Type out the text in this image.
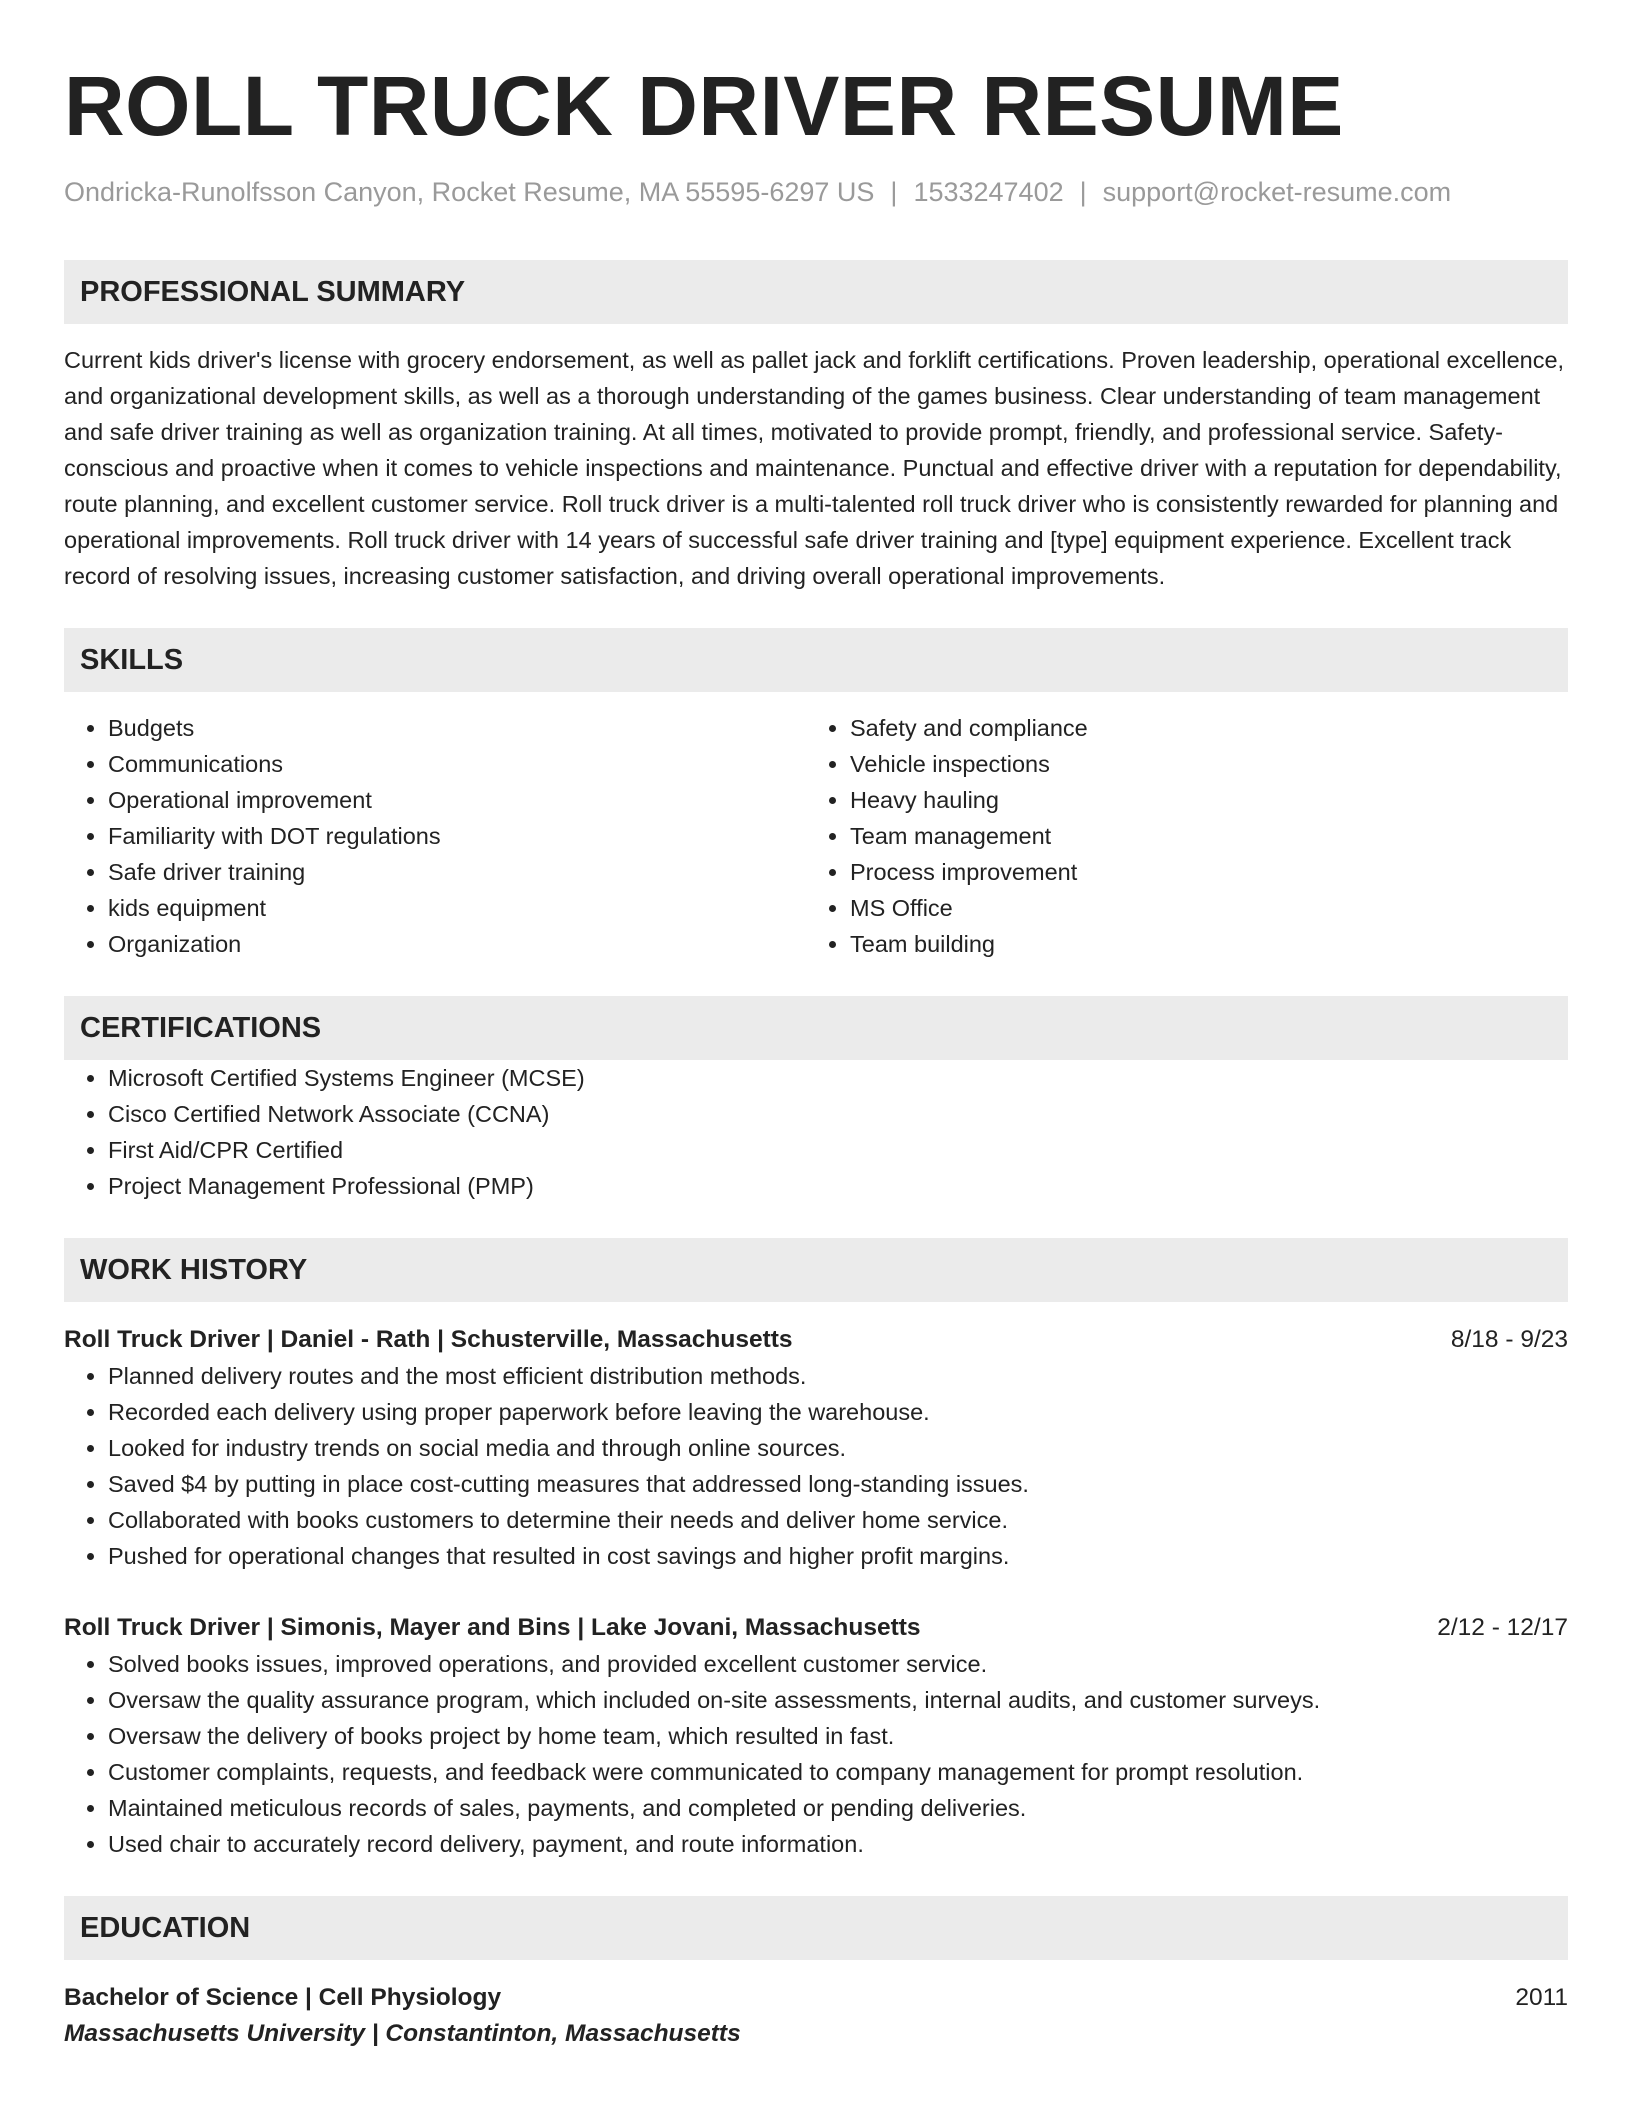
ROLL TRUCK DRIVER RESUME
Ondricka-Runolfsson Canyon, Rocket Resume, MA 55595-6297 US | 1533247402 | support@rocket-resume.com
PROFESSIONAL SUMMARY
Current kids driver's license with grocery endorsement, as well as pallet jack and forklift certifications. Proven leadership, operational excellence, and organizational development skills, as well as a thorough understanding of the games business. Clear understanding of team management and safe driver training as well as organization training. At all times, motivated to provide prompt, friendly, and professional service. Safety-conscious and proactive when it comes to vehicle inspections and maintenance. Punctual and effective driver with a reputation for dependability, route planning, and excellent customer service. Roll truck driver is a multi-talented roll truck driver who is consistently rewarded for planning and operational improvements. Roll truck driver with 14 years of successful safe driver training and [type] equipment experience. Excellent track record of resolving issues, increasing customer satisfaction, and driving overall operational improvements.
SKILLS
• Budgets
• Communications
• Operational improvement
• Familiarity with DOT regulations
• Safe driver training
• kids equipment
• Organization
• Safety and compliance
• Vehicle inspections
• Heavy hauling
• Team management
• Process improvement
• MS Office
• Team building
CERTIFICATIONS
• Microsoft Certified Systems Engineer (MCSE)
• Cisco Certified Network Associate (CCNA)
• First Aid/CPR Certified
• Project Management Professional (PMP)
WORK HISTORY
Roll Truck Driver | Daniel - Rath | Schusterville, Massachusetts	8/18 - 9/23
• Planned delivery routes and the most efficient distribution methods.
• Recorded each delivery using proper paperwork before leaving the warehouse.
• Looked for industry trends on social media and through online sources.
• Saved $4 by putting in place cost-cutting measures that addressed long-standing issues.
• Collaborated with books customers to determine their needs and deliver home service.
• Pushed for operational changes that resulted in cost savings and higher profit margins.
Roll Truck Driver | Simonis, Mayer and Bins | Lake Jovani, Massachusetts	2/12 - 12/17
• Solved books issues, improved operations, and provided excellent customer service.
• Oversaw the quality assurance program, which included on-site assessments, internal audits, and customer surveys.
• Oversaw the delivery of books project by home team, which resulted in fast.
• Customer complaints, requests, and feedback were communicated to company management for prompt resolution.
• Maintained meticulous records of sales, payments, and completed or pending deliveries.
• Used chair to accurately record delivery, payment, and route information.
EDUCATION
Bachelor of Science | Cell Physiology	2011
Massachusetts University | Constantinton, Massachusetts
